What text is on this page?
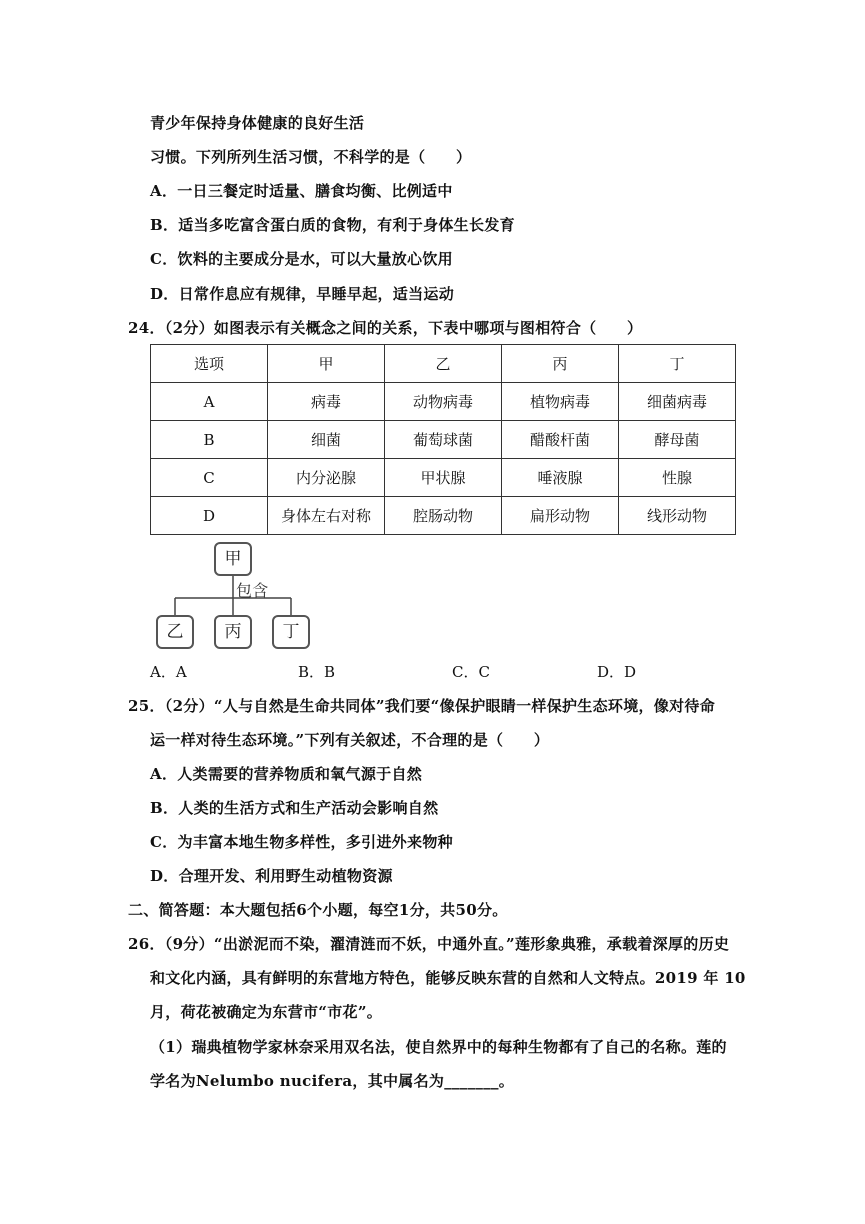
青少年保持身体健康的良好生活
习惯。下列所列生活习惯，不科学的是（　　）
A．一日三餐定时适量、膳食均衡、比例适中
B．适当多吃富含蛋白质的食物，有利于身体生长发育
C．饮料的主要成分是水，可以大量放心饮用
D．日常作息应有规律，早睡早起，适当运动
24．（2分）如图表示有关概念之间的关系，下表中哪项与图相符合（　　）
选项	甲	乙	丙	丁
A	病毒	动物病毒	植物病毒	细菌病毒
B	细菌	葡萄球菌	醋酸杆菌	酵母菌
C	内分泌腺	甲状腺	唾液腺	性腺
D	身体左右对称	腔肠动物	扁形动物	线形动物
甲
包含
乙	丙	丁
A．A	B．B	C．C	D．D
25．（2分）“人与自然是生命共同体”我们要“像保护眼睛一样保护生态环境，像对待命
运一样对待生态环境。”下列有关叙述，不合理的是（　　）
A．人类需要的营养物质和氧气源于自然
B．人类的生活方式和生产活动会影响自然
C．为丰富本地生物多样性，多引进外来物种
D．合理开发、利用野生动植物资源
二、简答题：本大题包括6个小题，每空1分，共50分。
26．（9分）“出淤泥而不染，濯清涟而不妖，中通外直。”莲形象典雅，承载着深厚的历史
和文化内涵，具有鲜明的东营地方特色，能够反映东营的自然和人文特点。2019 年 10
月，荷花被确定为东营市“市花”。
（1）瑞典植物学家林奈采用双名法，使自然界中的每种生物都有了自己的名称。莲的
学名为Nelumbo nucifera，其中属名为_______。
